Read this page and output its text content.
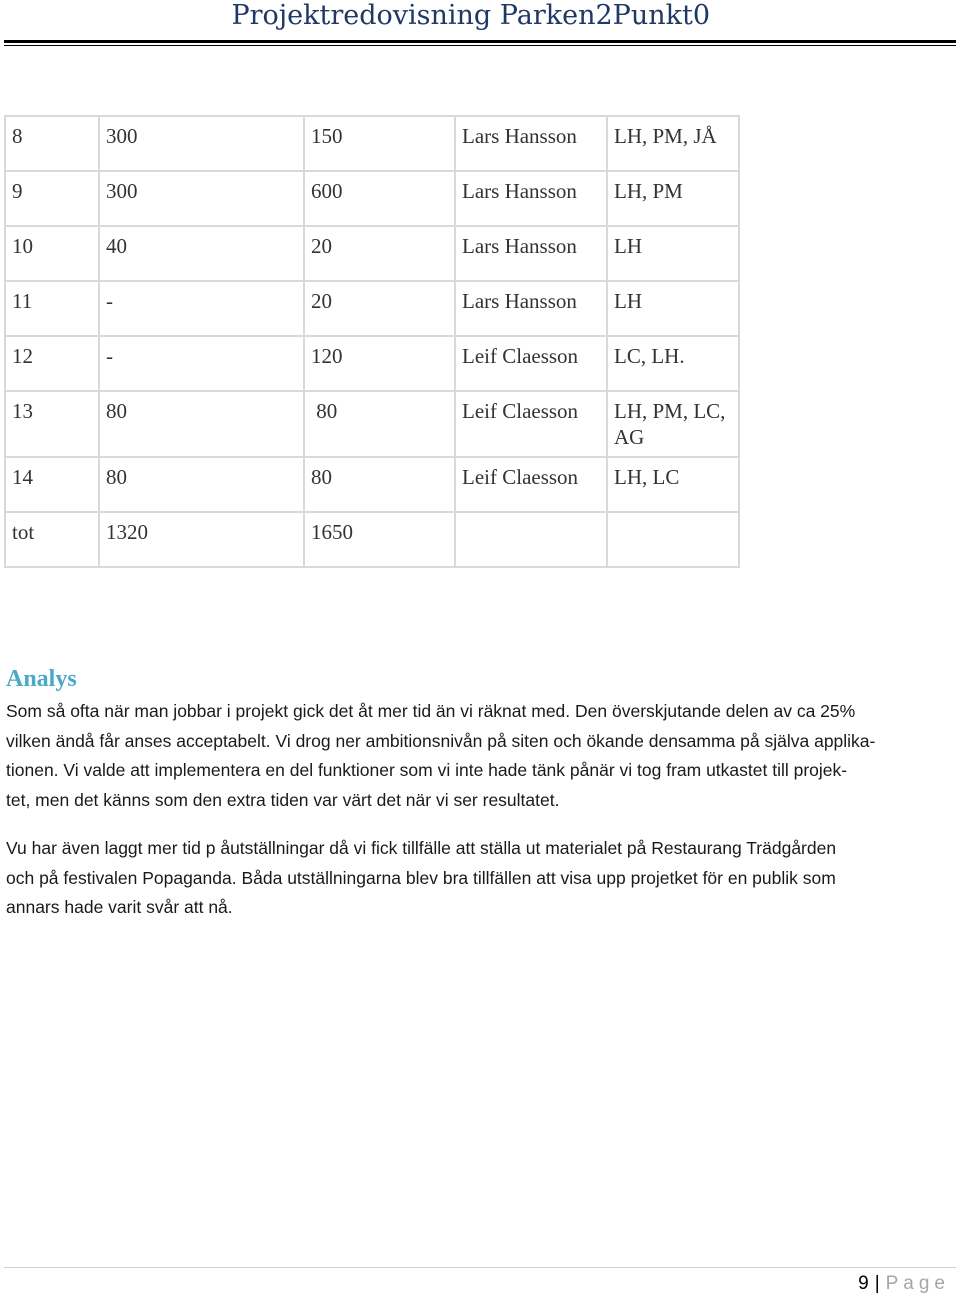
Projektredovisning Parken2Punkt0
8	300	150	Lars Hansson	LH, PM, JÅ
9	300	600	Lars Hansson	LH, PM
10	40	20	Lars Hansson	LH
11	-	20	Lars Hansson	LH
12	-	120	Leif Claesson	LC, LH.
13	80	80	Leif Claesson	LH, PM, LC, AG
14	80	80	Leif Claesson	LH, LC
tot	1320	1650		
Analys
Som så ofta när man jobbar i projekt gick det åt mer tid än vi räknat med. Den överskjutande delen av ca 25%
vilken ändå får anses acceptabelt. Vi drog ner ambitionsnivån på siten och ökande densamma på själva applika-
tionen. Vi valde att implementera en del funktioner som vi inte hade tänk pånär vi tog fram utkastet till projek-
tet, men det känns som den extra tiden var värt det när vi ser resultatet.
Vu har även laggt mer tid p åutställningar då vi fick tillfälle att ställa ut materialet på Restaurang Trädgården
och på festivalen Popaganda. Båda utställningarna blev bra tillfällen att visa upp projetket för en publik som
annars hade varit svår att nå.
9 | Page
